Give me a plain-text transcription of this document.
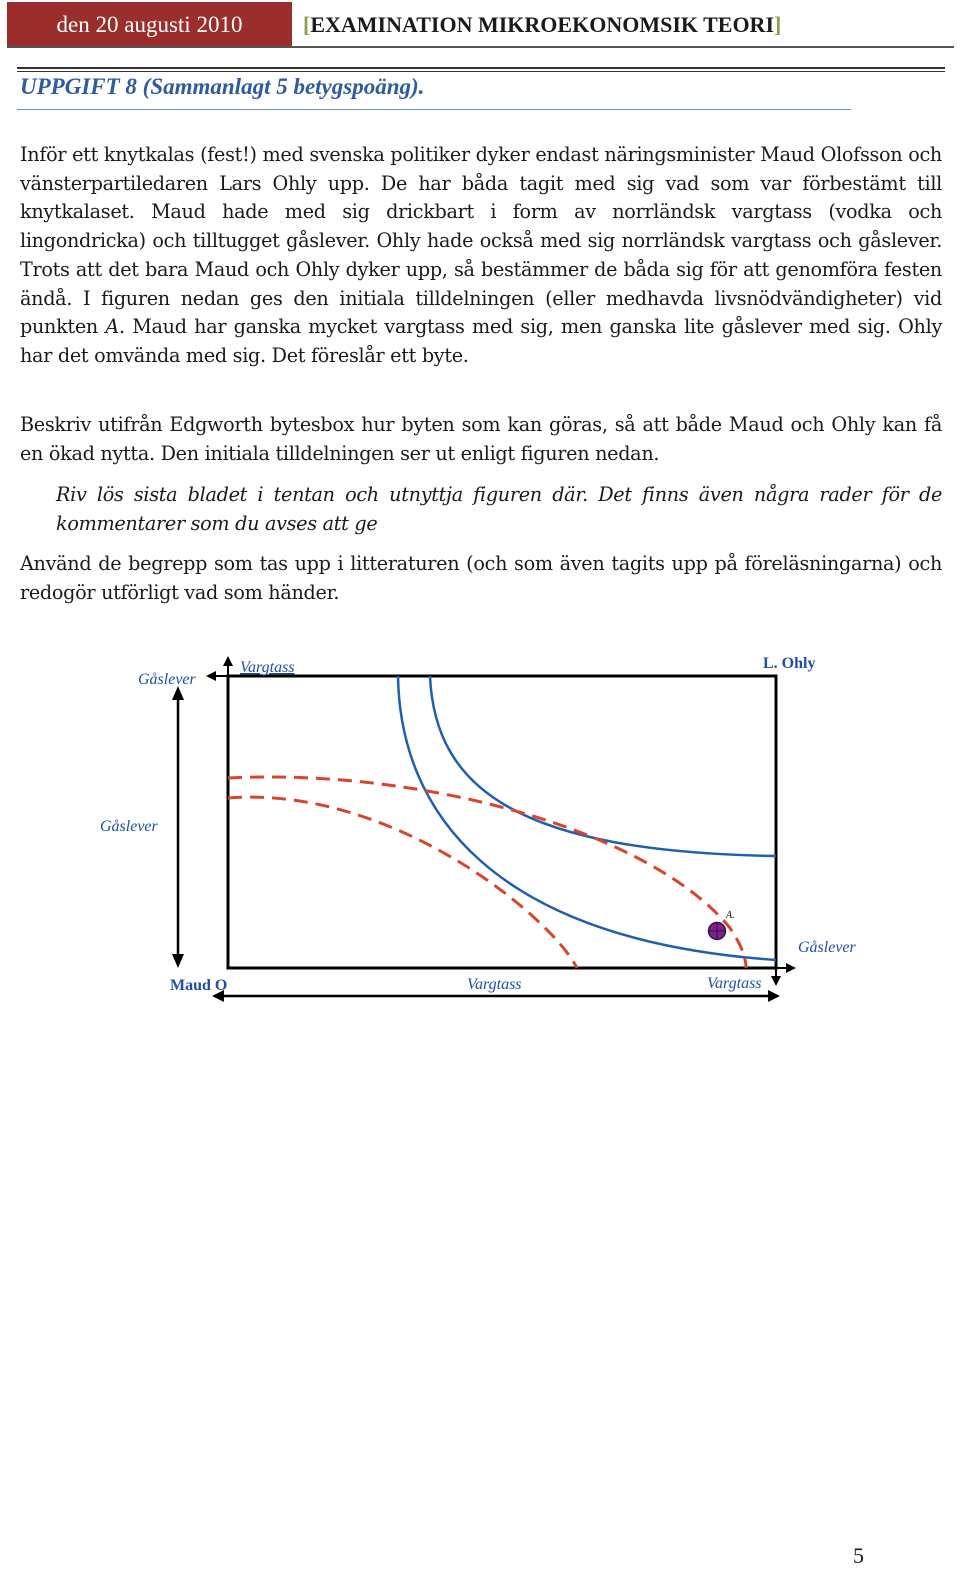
den 20 augusti 2010	[EXAMINATION MIKROEKONOMSIK TEORI]
UPPGIFT 8 (Sammanlagt 5 betygspoäng).

Inför ett knytkalas (fest!) med svenska politiker dyker endast näringsminister Maud Olofsson och vänsterpartiledaren Lars Ohly upp. De har båda tagit med sig vad som var förbestämt till knytkalaset. Maud hade med sig drickbart i form av norrländsk vargtass (vodka och lingondricka) och tilltugget gåslever. Ohly hade också med sig norrländsk vargtass och gåslever. Trots att det bara Maud och Ohly dyker upp, så bestämmer de båda sig för att genomföra festen ändå. I figuren nedan ges den initiala tilldelningen (eller medhavda livsnödvändigheter) vid punkten A. Maud har ganska mycket vargtass med sig, men ganska lite gåslever med sig. Ohly har det omvända med sig. Det föreslår ett byte.

Beskriv utifrån Edgworth bytesbox hur byten som kan göras, så att både Maud och Ohly kan få en ökad nytta. Den initiala tilldelningen ser ut enligt figuren nedan.

Riv lös sista bladet i tentan och utnyttja figuren där. Det finns även några rader för de kommentarer som du avses att ge

Använd de begrepp som tas upp i litteraturen (och som även tagits upp på föreläsningarna) och redogör utförligt vad som händer.

Gåslever
Vargtass	L. Ohly
Gåslever
A.
Gåslever
Maud O	Vargtass	Vargtass
5
